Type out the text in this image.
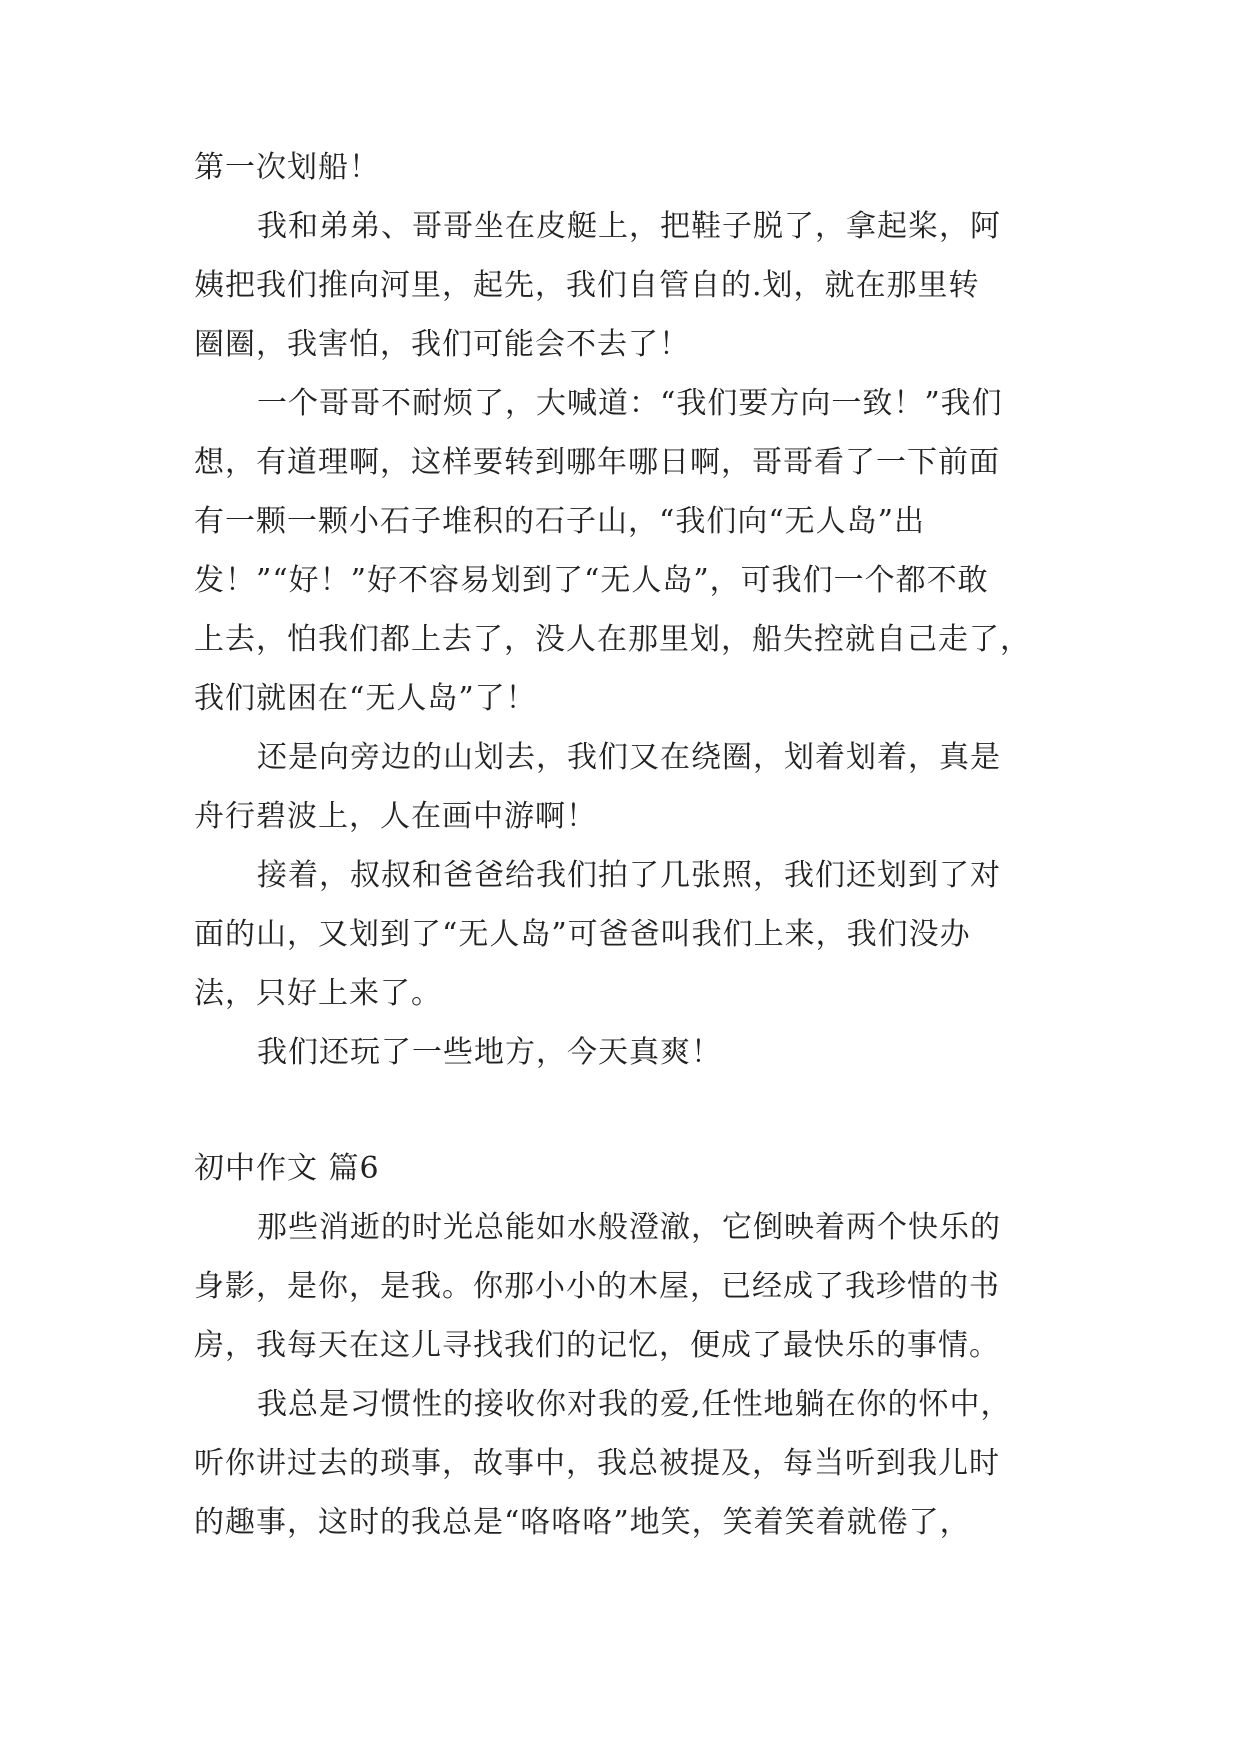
第一次划船！
我和弟弟、哥哥坐在皮艇上，把鞋子脱了，拿起桨，阿
姨把我们推向河里，起先，我们自管自的.划，就在那里转
圈圈，我害怕，我们可能会不去了！
一个哥哥不耐烦了，大喊道：“我们要方向一致！”我们
想，有道理啊，这样要转到哪年哪日啊，哥哥看了一下前面
有一颗一颗小石子堆积的石子山，“我们向“无人岛”出
发！”“好！”好不容易划到了“无人岛”，可我们一个都不敢
上去，怕我们都上去了，没人在那里划，船失控就自己走了，
我们就困在“无人岛”了！
还是向旁边的山划去，我们又在绕圈，划着划着，真是
舟行碧波上，人在画中游啊！
接着，叔叔和爸爸给我们拍了几张照，我们还划到了对
面的山，又划到了“无人岛”可爸爸叫我们上来，我们没办
法，只好上来了。
我们还玩了一些地方，今天真爽！
初中作文 篇6
那些消逝的时光总能如水般澄澈，它倒映着两个快乐的
身影，是你，是我。你那小小的木屋，已经成了我珍惜的书
房，我每天在这儿寻找我们的记忆，便成了最快乐的事情。
我总是习惯性的接收你对我的爱,任性地躺在你的怀中，
听你讲过去的琐事，故事中，我总被提及，每当听到我儿时
的趣事，这时的我总是“咯咯咯”地笑，笑着笑着就倦了，
